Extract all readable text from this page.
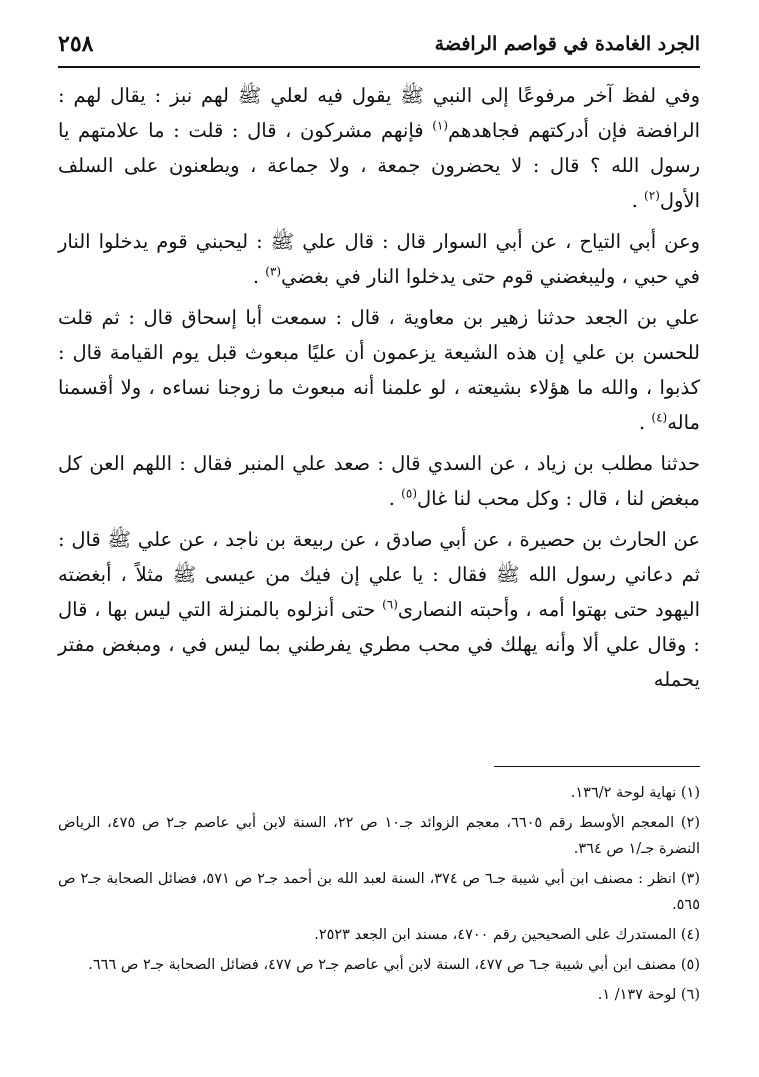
الجرد الغامدة في قواصم الرافضة
٢٥٨

وفي لفظ آخر مرفوعًا إلى النبي ﷺ يقول فيه لعلي ﷺ لهم نبز : يقال لهم : الرافضة فإن أدركتهم فجاهدهم$^{(١)}$ فإنهم مشركون ، قال : قلت : ما علامتهم يا رسول الله ؟ قال : لا يحضرون جمعة ، ولا جماعة ، ويطعنون على السلف الأول$^{(٢)}$ .

وعن أبي التياح ، عن أبي السوار قال : قال علي ﷺ : ليحبني قوم يدخلوا النار في حبي ، وليبغضني قوم حتى يدخلوا النار في بغضي$^{(٣)}$ .

علي بن الجعد حدثنا زهير بن معاوية ، قال : سمعت أبا إسحاق قال : ثم قلت للحسن بن علي إن هذه الشيعة يزعمون أن عليًا مبعوث قبل يوم القيامة قال : كذبوا ، والله ما هؤلاء بشيعته ، لو علمنا أنه مبعوث ما زوجنا نساءه ، ولا أقسمنا ماله$^{(٤)}$ .

حدثنا مطلب بن زياد ، عن السدي قال : صعد علي المنبر فقال : اللهم العن كل مبغض لنا ، قال : وكل محب لنا غال$^{(٥)}$ .

عن الحارث بن حصيرة ، عن أبي صادق ، عن ربيعة بن ناجد ، عن علي ﷺ قال : ثم دعاني رسول الله ﷺ فقال : يا علي إن فيك من عيسى ﷺ مثلاً ، أبغضته اليهود حتى بهتوا أمه ، وأحبته النصارى$^{(٦)}$ حتى أنزلوه بالمنزلة التي ليس بها ، قال : وقال علي ألا وأنه يهلك في محب مطري يفرطني بما ليس في ، ومبغض مفتر يحمله

(١) نهاية لوحة ١٣٦/٢.
(٢) المعجم الأوسط رقم ٦٦٠٥، معجم الزوائد جـ١٠ ص ٢٢، السنة لابن أبي عاصم جـ٢ ص ٤٧٥، الرياض النضرة جـ/١ ص ٣٦٤.
(٣) انظر : مصنف ابن أبي شيبة جـ٦ ص ٣٧٤، السنة لعبد الله بن أحمد جـ٢ ص ٥٧١، فضائل الصحابة جـ٢ ص ٥٦٥.
(٤) المستدرك على الصحيحين رقم ٤٧٠٠، مسند ابن الجعد ٢٥٢٣.
(٥) مصنف ابن أبي شيبة جـ٦ ص ٤٧٧، السنة لابن أبي عاصم جـ٢ ص ٤٧٧، فضائل الصحابة جـ٢ ص ٦٦٦.
(٦) لوحة ١٣٧/ ١.
